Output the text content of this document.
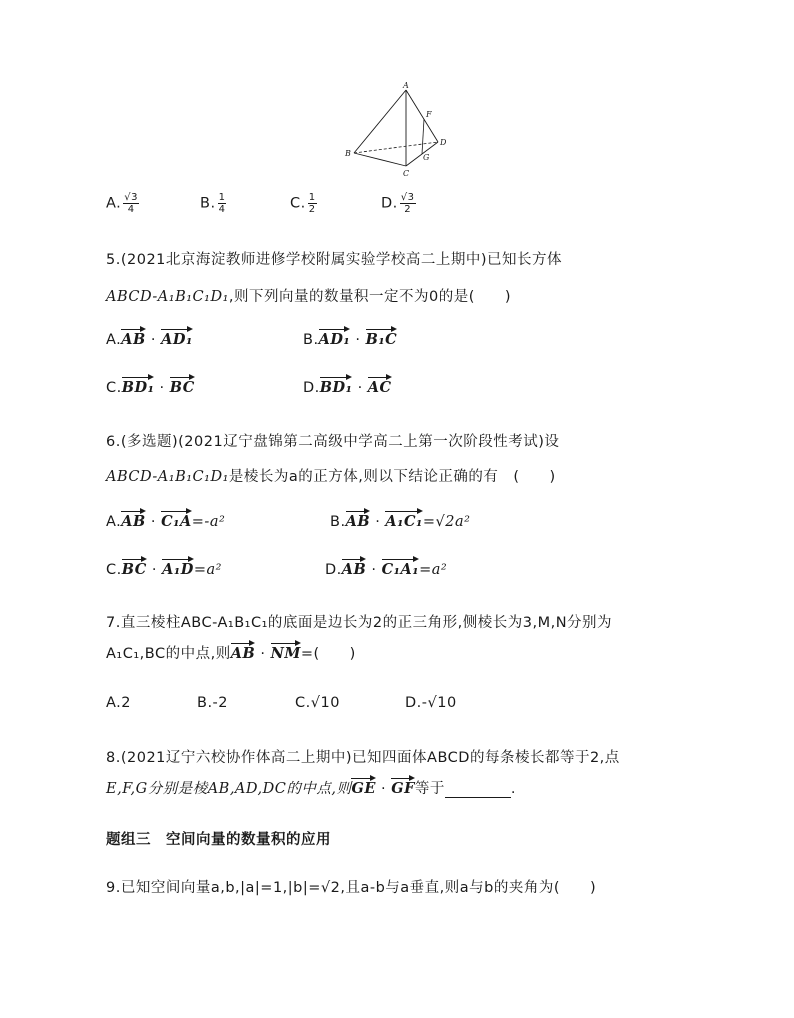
A
B
C
D
F
G
A. $\frac{√3}{4}$	B. $\frac{1}{4}$	C. $\frac{1}{2}$	D. $\frac{√3}{2}$
5.(2021北京海淀教师进修学校附属实验学校高二上期中)已知长方体
ABCD-A₁B₁C₁D₁,则下列向量的数量积一定不为0的是(　　)
A.AB · AD₁	B.AD₁ · B₁C
C.BD₁ · BC	D.BD₁ · AC
6.(多选题)(2021辽宁盘锦第二高级中学高二上第一次阶段性考试)设
ABCD-A₁B₁C₁D₁是棱长为a的正方体,则以下结论正确的有　(　　)
A.AB · C₁A=-a²	B.AB · A₁C₁=√2a²
C.BC · A₁D=a²	D.AB · C₁A₁=a²
7.直三棱柱ABC-A₁B₁C₁的底面是边长为2的正三角形,侧棱长为3,M,N分别为
A₁C₁,BC的中点,则AB · NM=(　　)
A.2	B.-2	C.√10	D.-√10
8.(2021辽宁六校协作体高二上期中)已知四面体ABCD的每条棱长都等于2,点
E,F,G分别是棱AB,AD,DC的中点,则GE · GF等于	.
题组三　空间向量的数量积的应用
9.已知空间向量a,b,|a|=1,|b|=√2,且a-b与a垂直,则a与b的夹角为(　　)
